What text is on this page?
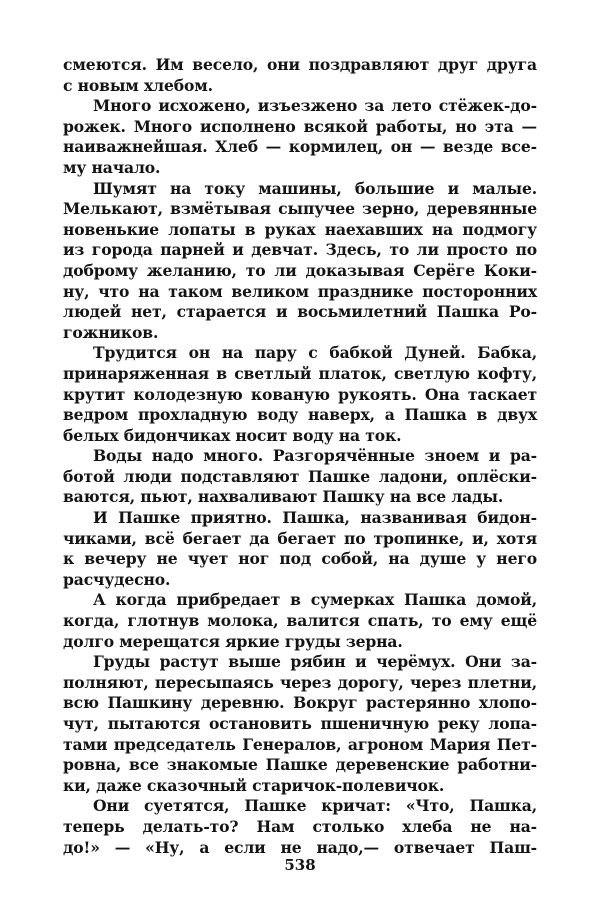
смеются. Им весело, они поздравляют друг друга
с новым хлебом.
Много исхожено, изъезжено за лето стёжек-до-
рожек. Много исполнено всякой работы, но эта —
наиважнейшая. Хлеб — кормилец, он — везде все-
му начало.
Шумят на току машины, большие и малые.
Мелькают, взмётывая сыпучее зерно, деревянные
новенькие лопаты в руках наехавших на подмогу
из города парней и девчат. Здесь, то ли просто по
доброму желанию, то ли доказывая Серёге Коки-
ну, что на таком великом празднике посторонних
людей нет, старается и восьмилетний Пашка Ро-
гожников.
Трудится он на пару с бабкой Дуней. Бабка,
принаряженная в светлый платок, светлую кофту,
крутит колодезную кованую рукоять. Она таскает
ведром прохладную воду наверх, а Пашка в двух
белых бидончиках носит воду на ток.
Воды надо много. Разгорячённые зноем и ра-
ботой люди подставляют Пашке ладони, оплёски-
ваются, пьют, нахваливают Пашку на все лады.
И Пашке приятно. Пашка, названивая бидон-
чиками, всё бегает да бегает по тропинке, и, хотя
к вечеру не чует ног под собой, на душе у него
расчудесно.
А когда прибредает в сумерках Пашка домой,
когда, глотнув молока, валится спать, то ему ещё
долго мерещатся яркие груды зерна.
Груды растут выше рябин и черёмух. Они за-
полняют, пересыпаясь через дорогу, через плетни,
всю Пашкину деревню. Вокруг растерянно хлопо-
чут, пытаются остановить пшеничную реку лопа-
тами председатель Генералов, агроном Мария Пет-
ровна, все знакомые Пашке деревенские работни-
ки, даже сказочный старичок-полевичок.
Они суетятся, Пашке кричат: «Что, Пашка,
теперь делать-то? Нам столько хлеба не на-
до!» — «Ну, а если не надо,— отвечает Паш-
538
